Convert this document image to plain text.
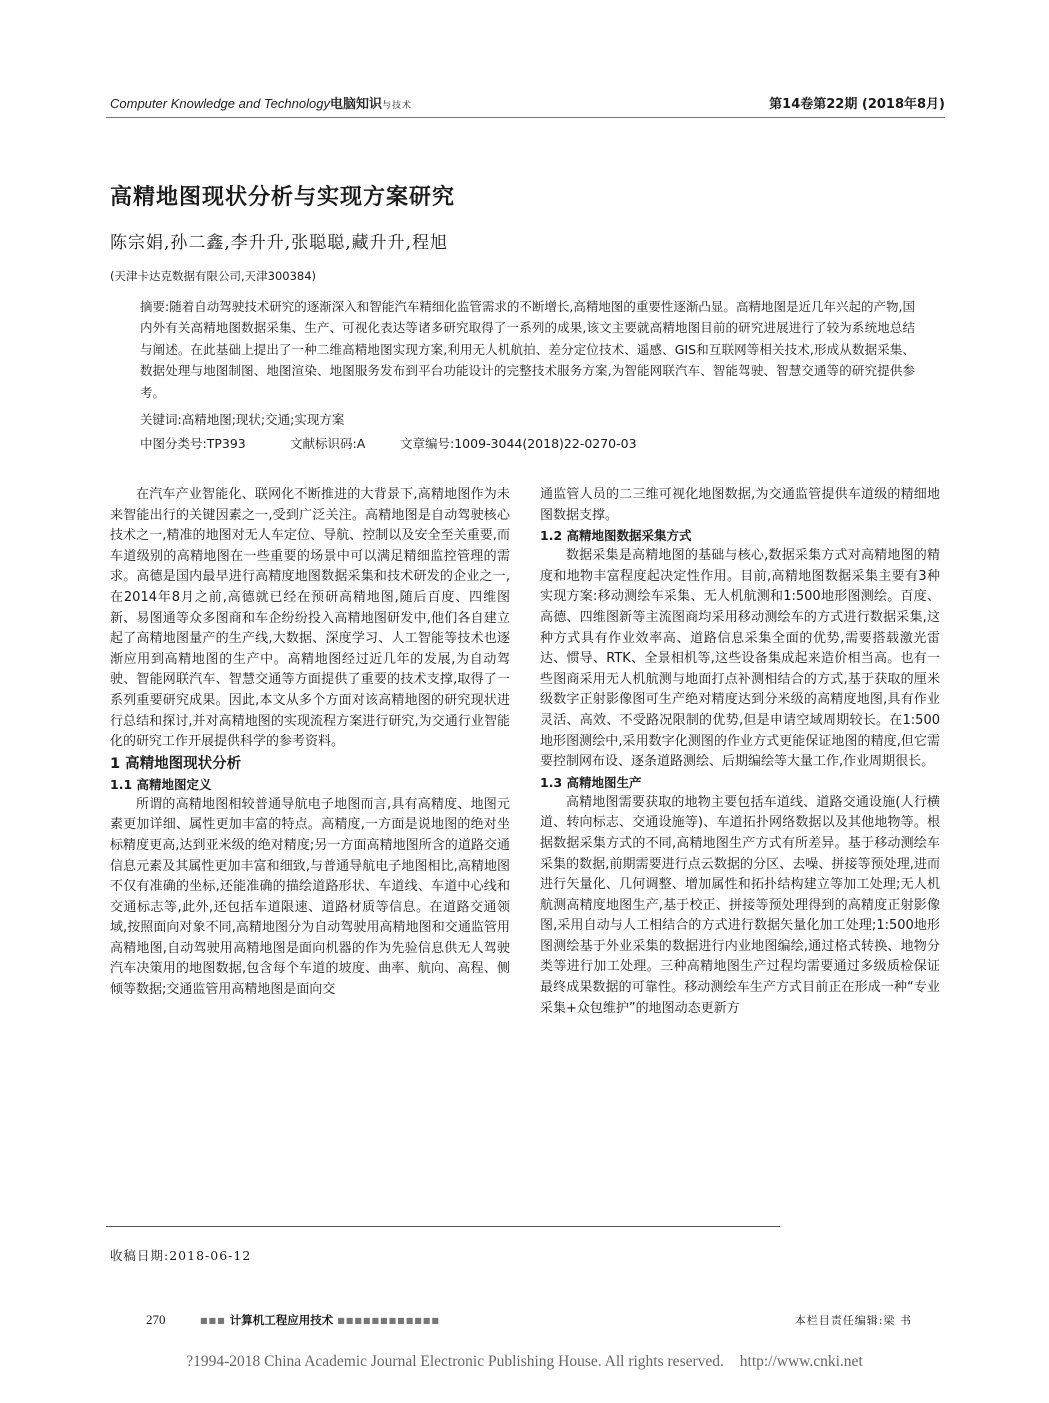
Computer Knowledge and Technology电脑知识与技术	第14卷第22期 (2018年8月)
高精地图现状分析与实现方案研究
陈宗娟,孙二鑫,李升升,张聪聪,藏升升,程旭
(天津卡达克数据有限公司,天津300384)
摘要:随着自动驾驶技术研究的逐渐深入和智能汽车精细化监管需求的不断增长,高精地图的重要性逐渐凸显。高精地图是近几年兴起的产物,国内外有关高精地图数据采集、生产、可视化表达等诸多研究取得了一系列的成果,该文主要就高精地图目前的研究进展进行了较为系统地总结与阐述。在此基础上提出了一种二维高精地图实现方案,利用无人机航拍、差分定位技术、遥感、GIS和互联网等相关技术,形成从数据采集、数据处理与地图制图、地图渲染、地图服务发布到平台功能设计的完整技术服务方案,为智能网联汽车、智能驾驶、智慧交通等的研究提供参考。
关键词:高精地图;现状;交通;实现方案
中图分类号:TP393	文献标识码:A	文章编号:1009-3044(2018)22-0270-03

在汽车产业智能化、联网化不断推进的大背景下,高精地图作为未来智能出行的关键因素之一,受到广泛关注。高精地图是自动驾驶核心技术之一,精准的地图对无人车定位、导航、控制以及安全至关重要,而车道级别的高精地图在一些重要的场景中可以满足精细监控管理的需求。高德是国内最早进行高精度地图数据采集和技术研发的企业之一,在2014年8月之前,高德就已经在预研高精地图,随后百度、四维图新、易图通等众多图商和车企纷纷投入高精地图研发中,他们各自建立起了高精地图量产的生产线,大数据、深度学习、人工智能等技术也逐渐应用到高精地图的生产中。高精地图经过近几年的发展,为自动驾驶、智能网联汽车、智慧交通等方面提供了重要的技术支撑,取得了一系列重要研究成果。因此,本文从多个方面对该高精地图的研究现状进行总结和探讨,并对高精地图的实现流程方案进行研究,为交通行业智能化的研究工作开展提供科学的参考资料。

1 高精地图现状分析

1.1 高精地图定义

所谓的高精地图相较普通导航电子地图而言,具有高精度、地图元素更加详细、属性更加丰富的特点。高精度,一方面是说地图的绝对坐标精度更高,达到亚米级的绝对精度;另一方面高精地图所含的道路交通信息元素及其属性更加丰富和细致,与普通导航电子地图相比,高精地图不仅有准确的坐标,还能准确的描绘道路形状、车道线、车道中心线和交通标志等,此外,还包括车道限速、道路材质等信息。在道路交通领域,按照面向对象不同,高精地图分为自动驾驶用高精地图和交通监管用高精地图,自动驾驶用高精地图是面向机器的作为先验信息供无人驾驶汽车决策用的地图数据,包含每个车道的坡度、曲率、航向、高程、侧倾等数据;交通监管用高精地图是面向交

通监管人员的二三维可视化地图数据,为交通监管提供车道级的精细地图数据支撑。

1.2 高精地图数据采集方式

数据采集是高精地图的基础与核心,数据采集方式对高精地图的精度和地物丰富程度起决定性作用。目前,高精地图数据采集主要有3种实现方案:移动测绘车采集、无人机航测和1:500地形图测绘。百度、高德、四维图新等主流图商均采用移动测绘车的方式进行数据采集,这种方式具有作业效率高、道路信息采集全面的优势,需要搭载激光雷达、惯导、RTK、全景相机等,这些设备集成起来造价相当高。也有一些图商采用无人机航测与地面打点补测相结合的方式,基于获取的厘米级数字正射影像图可生产绝对精度达到分米级的高精度地图,具有作业灵活、高效、不受路况限制的优势,但是申请空域周期较长。在1:500地形图测绘中,采用数字化测图的作业方式更能保证地图的精度,但它需要控制网布设、逐条道路测绘、后期编绘等大量工作,作业周期很长。

1.3 高精地图生产

高精地图需要获取的地物主要包括车道线、道路交通设施(人行横道、转向标志、交通设施等)、车道拓扑网络数据以及其他地物等。根据数据采集方式的不同,高精地图生产方式有所差异。基于移动测绘车采集的数据,前期需要进行点云数据的分区、去噪、拼接等预处理,进而进行矢量化、几何调整、增加属性和拓扑结构建立等加工处理;无人机航测高精度地图生产,基于校正、拼接等预处理得到的高精度正射影像图,采用自动与人工相结合的方式进行数据矢量化加工处理;1:500地形图测绘基于外业采集的数据进行内业地图编绘,通过格式转换、地物分类等进行加工处理。三种高精地图生产过程均需要通过多级质检保证最终成果数据的可靠性。移动测绘车生产方式目前正在形成一种“专业采集+众包维护”的地图动态更新方

收稿日期:2018-06-12
270	■■■ 计算机工程应用技术 ■■■■■■■■■■■■	本栏目责任编辑:梁 书
?1994-2018 China Academic Journal Electronic Publishing House. All rights reserved. http://www.cnki.net
